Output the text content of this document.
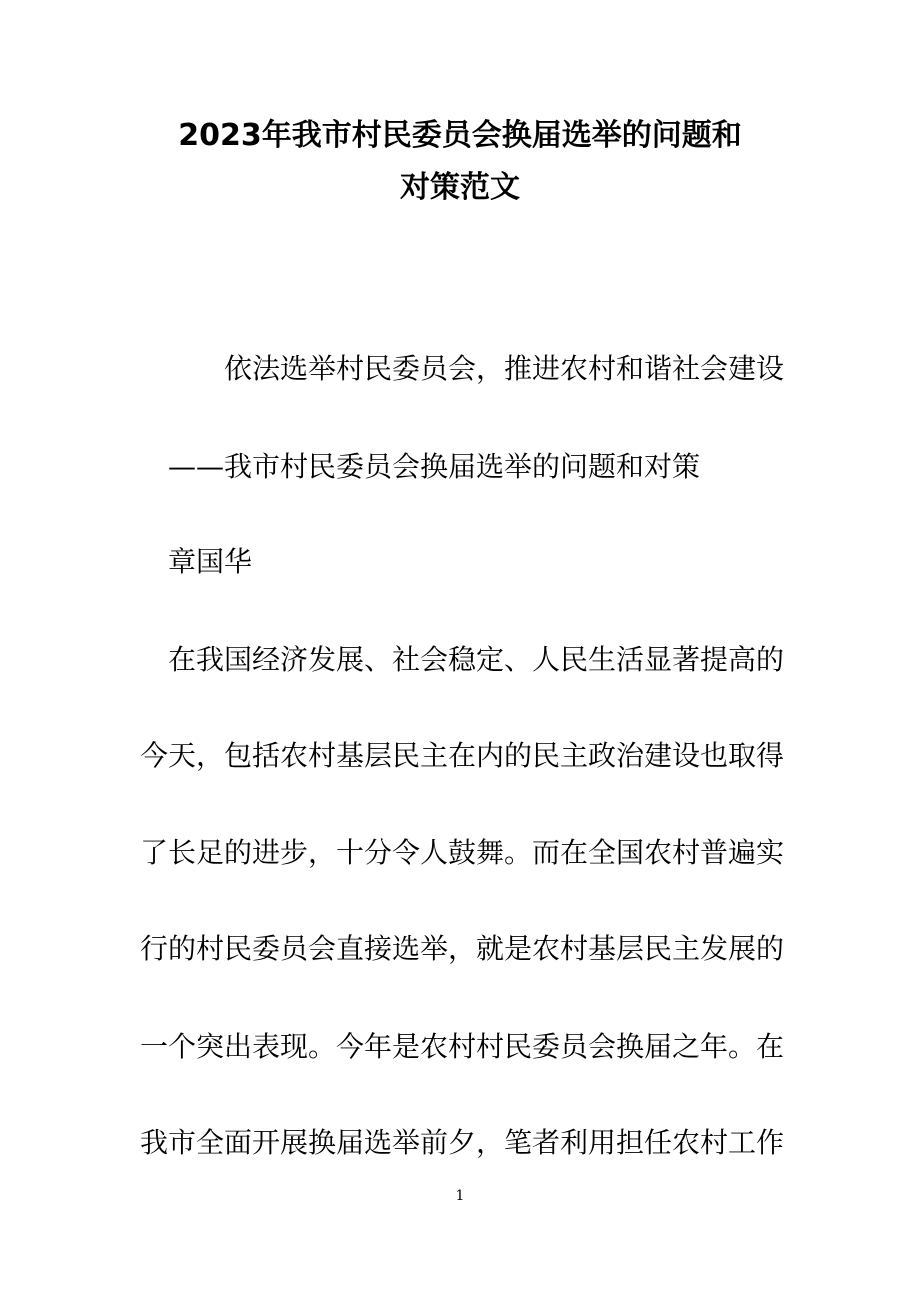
2023年我市村民委员会换届选举的问题和
对策范文
依法选举村民委员会，推进农村和谐社会建设
——我市村民委员会换届选举的问题和对策
章国华
在我国经济发展、社会稳定、人民生活显著提高的
今天，包括农村基层民主在内的民主政治建设也取得
了长足的进步，十分令人鼓舞。而在全国农村普遍实
行的村民委员会直接选举，就是农村基层民主发展的
一个突出表现。今年是农村村民委员会换届之年。在
我市全面开展换届选举前夕，笔者利用担任农村工作
1
